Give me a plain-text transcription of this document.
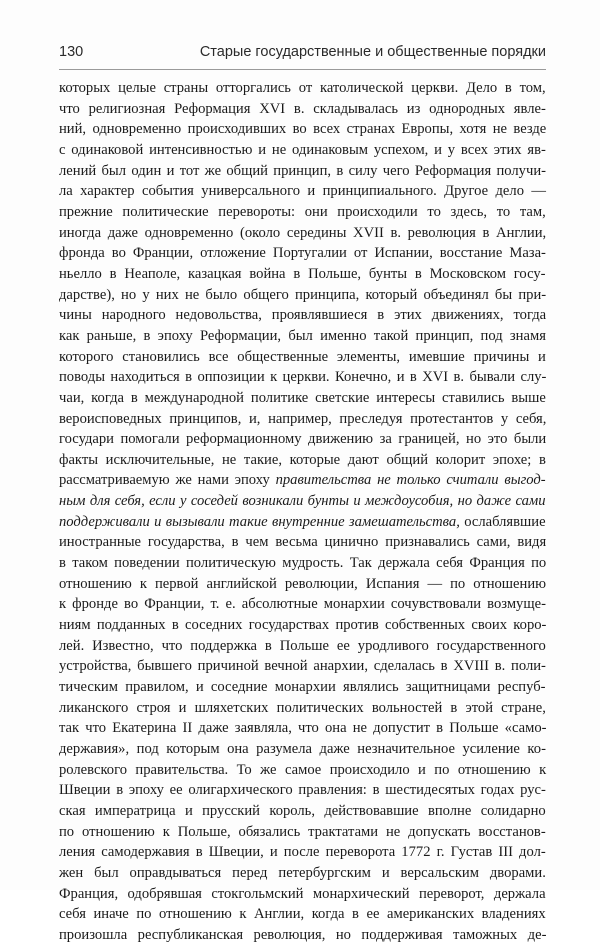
130	Старые государственные и общественные порядки
которых целые страны отторгались от католической церкви. Дело в том,
что религиозная Реформация XVI в. складывалась из однородных явле-
ний, одновременно происходивших во всех странах Европы, хотя не везде
с одинаковой интенсивностью и не одинаковым успехом, и у всех этих яв-
лений был один и тот же общий принцип, в силу чего Реформация получи-
ла характер события универсального и принципиального. Другое дело —
прежние политические перевороты: они происходили то здесь, то там,
иногда даже одновременно (около середины XVII в. революция в Англии,
фронда во Франции, отложение Португалии от Испании, восстание Маза-
ньелло в Неаполе, казацкая война в Польше, бунты в Московском госу-
дарстве), но у них не было общего принципа, который объединял бы при-
чины народного недовольства, проявлявшиеся в этих движениях, тогда
как раньше, в эпоху Реформации, был именно такой принцип, под знамя
которого становились все общественные элементы, имевшие причины и
поводы находиться в оппозиции к церкви. Конечно, и в XVI в. бывали слу-
чаи, когда в международной политике светские интересы ставились выше
вероисповедных принципов, и, например, преследуя протестантов у себя,
государи помогали реформационному движению за границей, но это были
факты исключительные, не такие, которые дают общий колорит эпохе; в
рассматриваемую же нами эпоху правительства не только считали выгод-
ным для себя, если у соседей возникали бунты и междоусобия, но даже сами
поддерживали и вызывали такие внутренние замешательства, ослаблявшие
иностранные государства, в чем весьма цинично признавались сами, видя
в таком поведении политическую мудрость. Так держала себя Франция по
отношению к первой английской революции, Испания — по отношению
к фронде во Франции, т. е. абсолютные монархии сочувствовали возмуще-
ниям подданных в соседних государствах против собственных своих коро-
лей. Известно, что поддержка в Польше ее уродливого государственного
устройства, бывшего причиной вечной анархии, сделалась в XVIII в. поли-
тическим правилом, и соседние монархии являлись защитницами респуб-
ликанского строя и шляхетских политических вольностей в этой стране,
так что Екатерина II даже заявляла, что она не допустит в Польше «само-
державия», под которым она разумела даже незначительное усиление ко-
ролевского правительства. То же самое происходило и по отношению к
Швеции в эпоху ее олигархического правления: в шестидесятых годах рус-
ская императрица и прусский король, действовавшие вполне солидарно
по отношению к Польше, обязались трактатами не допускать восстанов-
ления самодержавия в Швеции, и после переворота 1772 г. Густав III дол-
жен был оправдываться перед петербургским и версальским дворами.
Франция, одобрявшая стокгольмский монархический переворот, держала
себя иначе по отношению к Англии, когда в ее американских владениях
произошла республиканская революция, но поддерживая таможных де-
